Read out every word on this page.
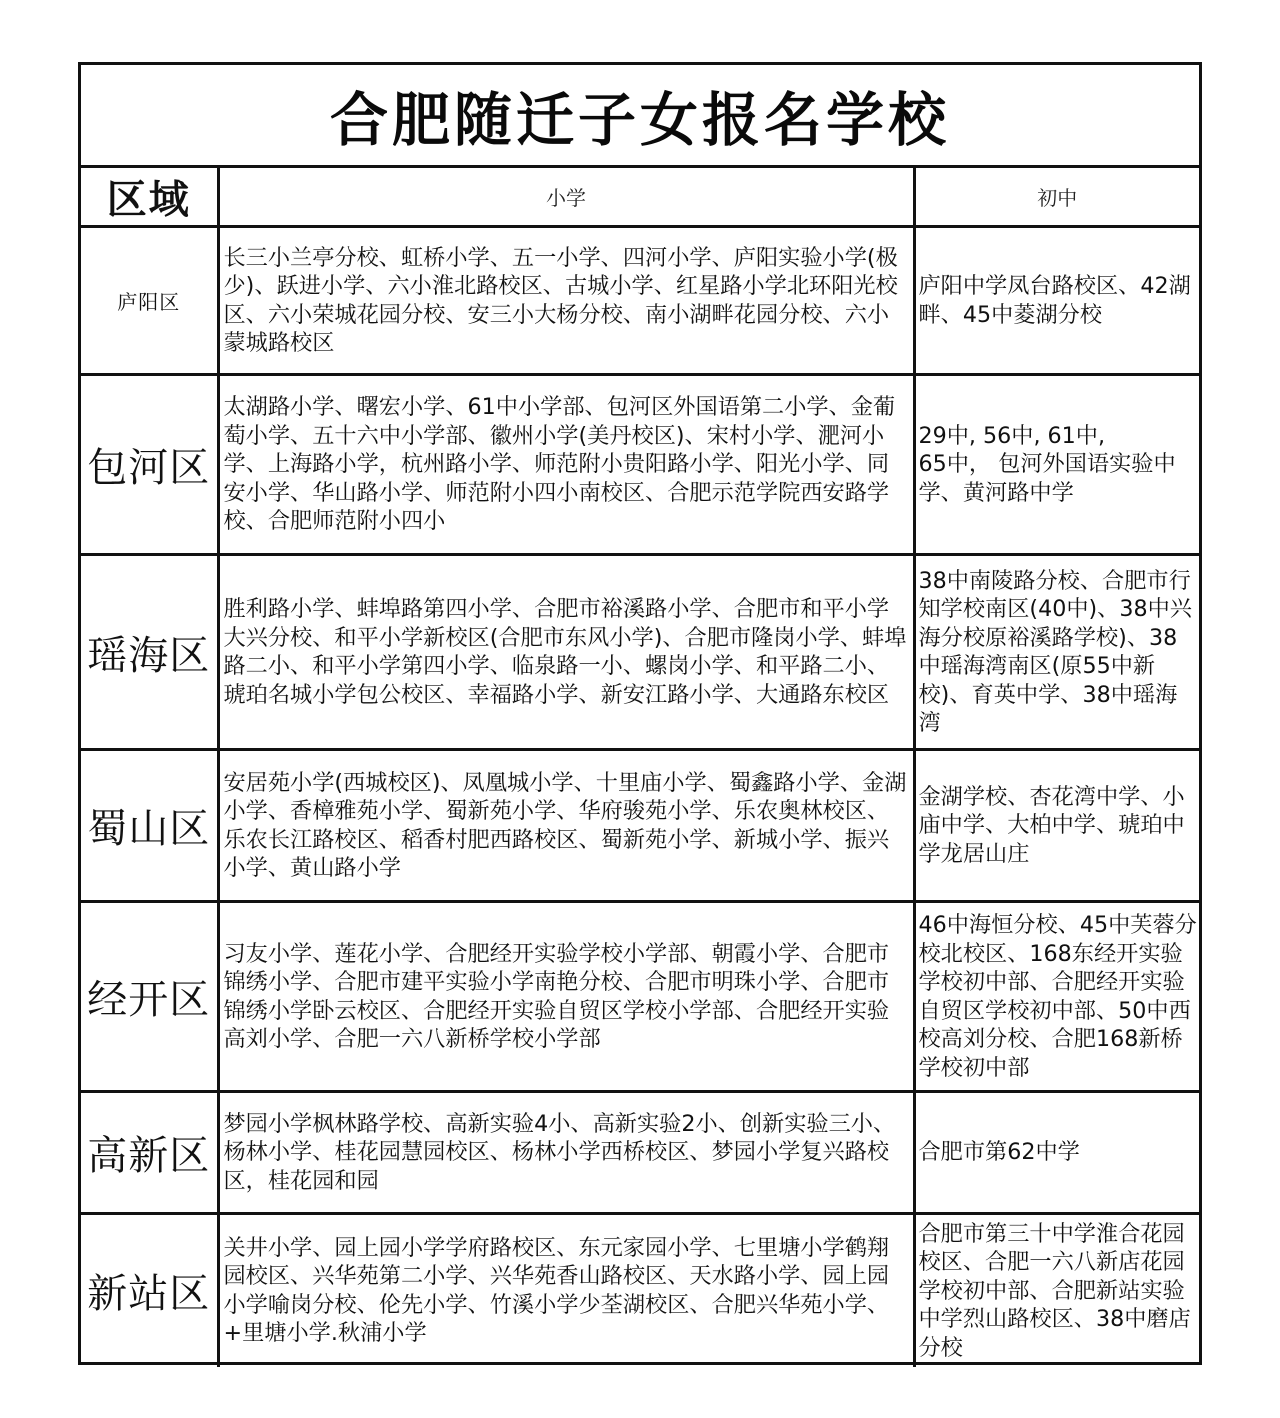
合肥随迁子女报名学校		
区域	小学	初中
庐阳区	长三小兰亭分校、虹桥小学、五一小学、四河小学、庐阳实验小学(极少)、跃进小学、六小淮北路校区、古城小学、红星路小学北环阳光校区、六小荣城花园分校、安三小大杨分校、南小湖畔花园分校、六小蒙城路校区	庐阳中学凤台路校区、42湖畔、45中菱湖分校
包河区	太湖路小学、曙宏小学、61中小学部、包河区外国语第二小学、金葡萄小学、五十六中小学部、徽州小学(美丹校区)、宋村小学、淝河小学、上海路小学，杭州路小学、师范附小贵阳路小学、阳光小学、同安小学、华山路小学、师范附小四小南校区、合肥示范学院西安路学校、合肥师范附小四小	29中, 56中, 61中,
65中， 包河外国语实验中学、黄河路中学

瑶海区	胜利路小学、蚌埠路第四小学、合肥市裕溪路小学、合肥市和平小学大兴分校、和平小学新校区(合肥市东风小学)、合肥市隆岗小学、蚌埠路二小、和平小学第四小学、临泉路一小、螺岗小学、和平路二小、琥珀名城小学包公校区、幸福路小学、新安江路小学、大通路东校区	38中南陵路分校、合肥市行知学校南区(40中)、38中兴海分校原裕溪路学校)、38中瑶海湾南区(原55中新校)、育英中学、38中瑶海湾
蜀山区	安居苑小学(西城校区)、凤凰城小学、十里庙小学、蜀鑫路小学、金湖小学、香樟雅苑小学、蜀新苑小学、华府骏苑小学、乐农奥林校区、乐农长江路校区、稻香村肥西路校区、蜀新苑小学、新城小学、振兴小学、黄山路小学	金湖学校、杏花湾中学、小庙中学、大柏中学、琥珀中学龙居山庄
经开区	习友小学、莲花小学、合肥经开实验学校小学部、朝霞小学、合肥市锦绣小学、合肥市建平实验小学南艳分校、合肥市明珠小学、合肥市锦绣小学卧云校区、合肥经开实验自贸区学校小学部、合肥经开实验高刘小学、合肥一六八新桥学校小学部	46中海恒分校、45中芙蓉分校北校区、168东经开实验学校初中部、合肥经开实验自贸区学校初中部、50中西校高刘分校、合肥168新桥学校初中部
高新区	梦园小学枫林路学校、高新实验4小、高新实验2小、创新实验三小、杨林小学、桂花园慧园校区、杨林小学西桥校区、梦园小学复兴路校区，桂花园和园	合肥市第62中学
新站区	关井小学、园上园小学学府路校区、东元家园小学、七里塘小学鹤翔园校区、兴华苑第二小学、兴华苑香山路校区、天水路小学、园上园小学喻岗分校、伦先小学、竹溪小学少荃湖校区、合肥兴华苑小学、+里塘小学.秋浦小学	合肥市第三十中学淮合花园校区、合肥一六八新店花园学校初中部、合肥新站实验中学烈山路校区、38中磨店分校
